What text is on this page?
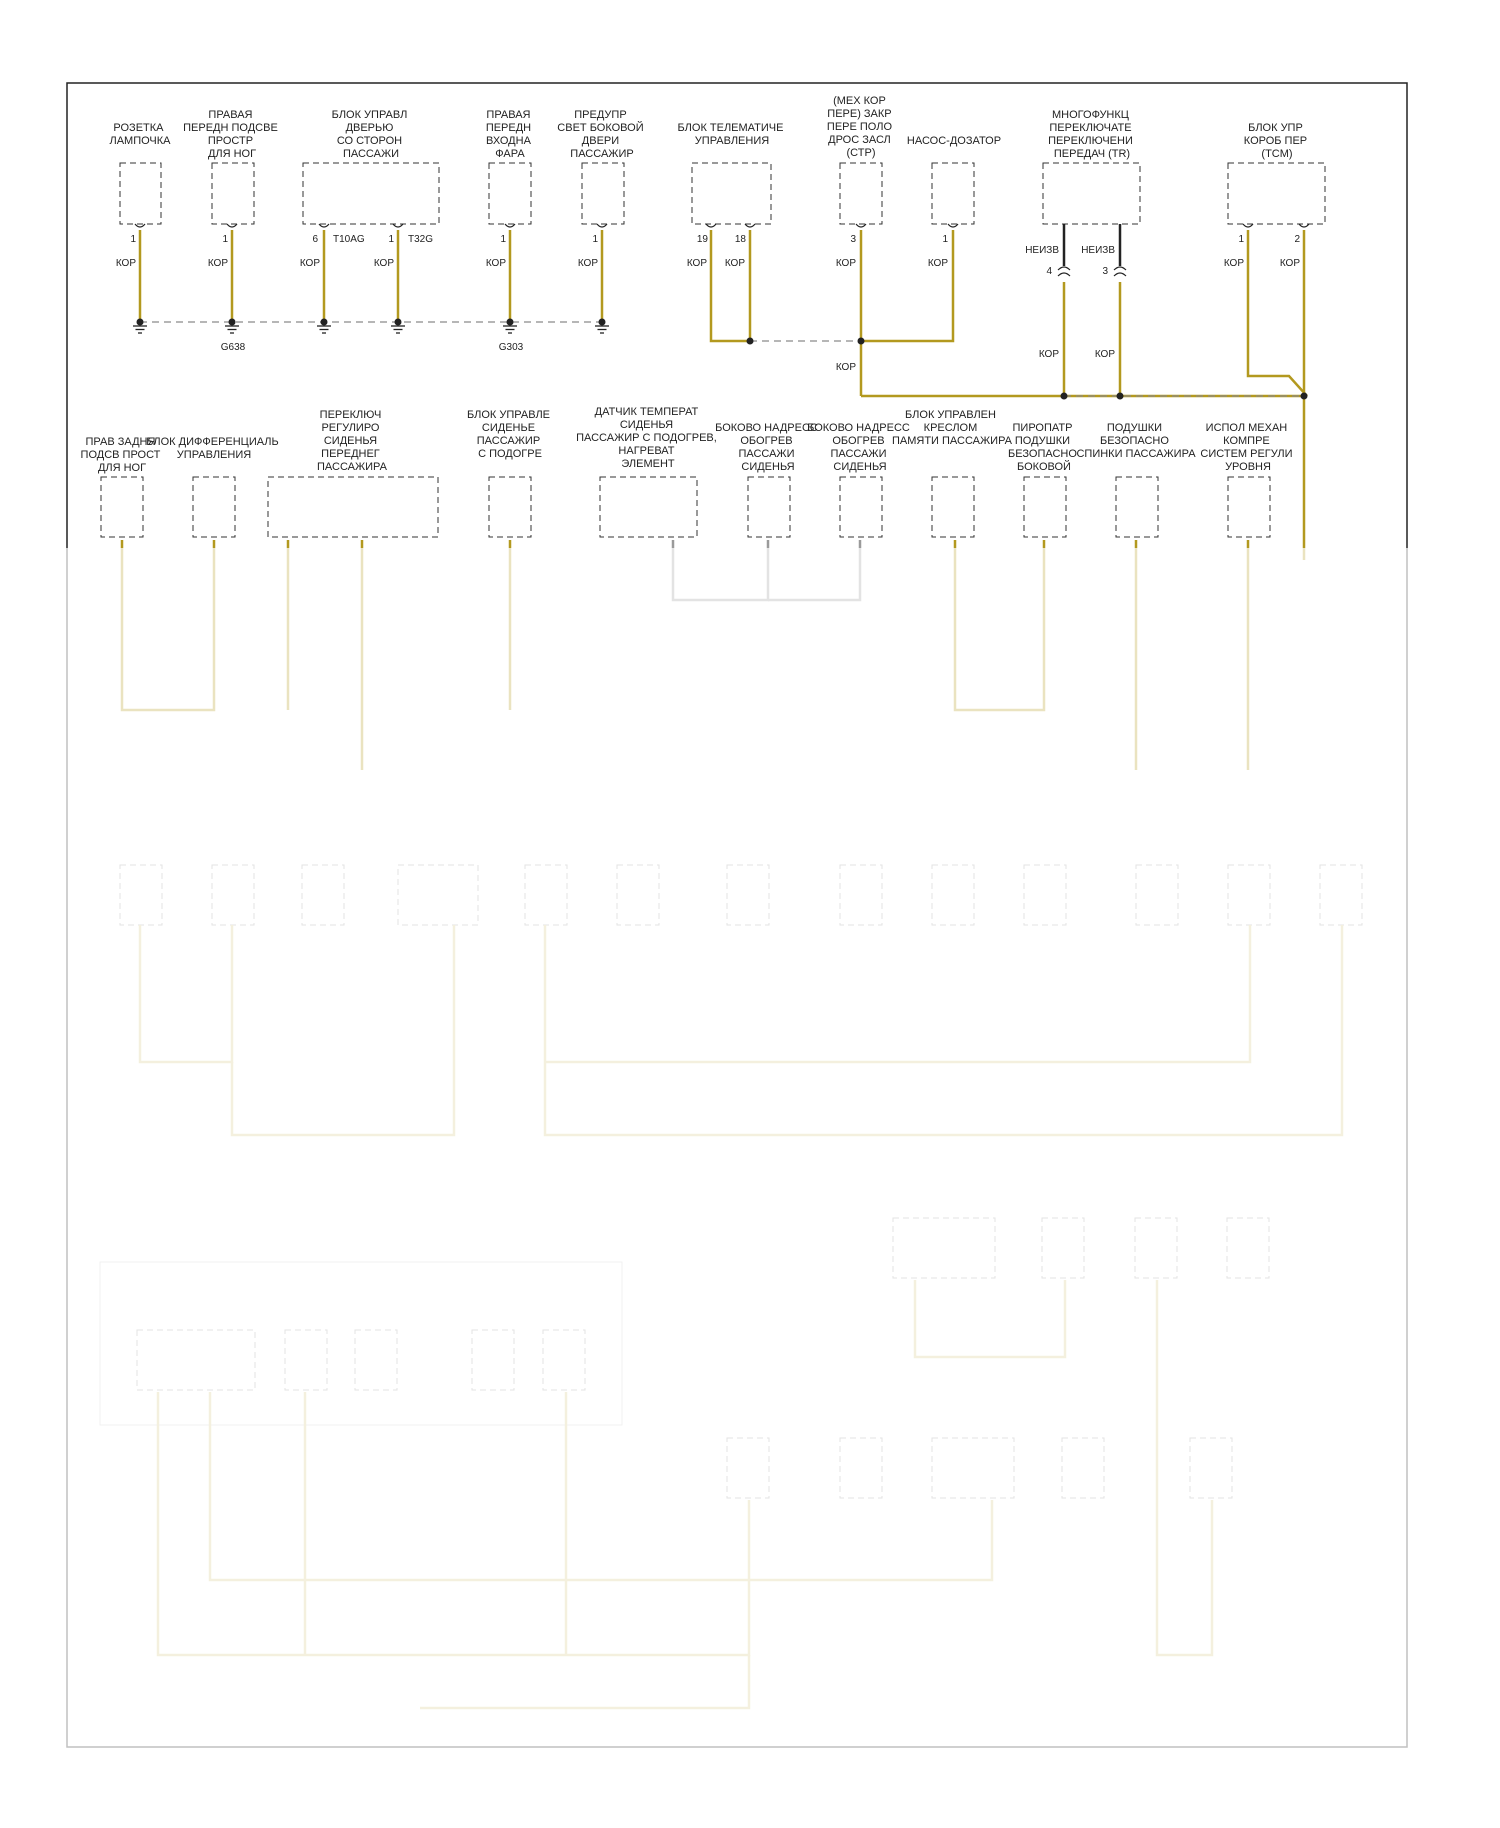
РОЗЕТКА ЛАМПОЧКА
ПРАВАЯ ПЕРЕДН ПОДСВЕ ПРОСТР ДЛЯ НОГ
БЛОК УПРАВЛ ДВЕРЬЮ СО СТОРОН ПАССАЖИ
ПРАВАЯ ПЕРЕДН ВХОДНА ФАРА
ПРЕДУПР СВЕТ БОКОВОЙ ДВЕРИ ПАССАЖИР
БЛОК ТЕЛЕМАТИЧЕ УПРАВЛЕНИЯ
(МЕХ КОР ПЕРЕ) ЗАКР ПЕРЕ ПОЛО ДРОС ЗАСЛ (СТР)
НАСОС-ДОЗАТОР
МНОГОФУНКЦ ПЕРЕКЛЮЧАТЕ ПЕРЕКЛЮЧЕНИ ПЕРЕДАЧ (TR)
БЛОК УПР КОРОБ ПЕР (TCM)
1	1	6	1	1	1	19	18	3	1
4	3
1	2
T10AG	T32G
КОР	КОР	КОР	КОР	КОР	КОР	КОР КОР	КОР	КОР
НЕИЗВ НЕИЗВ
КОР	КОР
КОР
КОР	КОР
G638	G303
ПРАВ ЗАДНЯ ПОДСВ ПРОСТ ДЛЯ НОГ
БЛОК ДИФФЕРЕНЦИАЛЬ УПРАВЛЕНИЯ
ПЕРЕКЛЮЧ РЕГУЛИРО СИДЕНЬЯ ПЕРЕДНЕГ ПАССАЖИРА
БЛОК УПРАВЛЕ СИДЕНЬЕ ПАССАЖИР С ПОДОГРЕ
ДАТЧИК ТЕМПЕРАТ СИДЕНЬЯ ПАССАЖИР С ПОДОГРЕВ, НАГРЕВАТ ЭЛЕМЕНТ
БОКОВО НАДРЕСС ОБОГРЕВ ПАССАЖИ СИДЕНЬЯ
БОКОВО НАДРЕСС ОБОГРЕВ ПАССАЖИ СИДЕНЬЯ
БЛОК УПРАВЛЕН КРЕСЛОМ ПАМЯТИ ПАССАЖИРА
ПИРОПАТР ПОДУШКИ БЕЗОПАСНО БОКОВОЙ
ПОДУШКИ БЕЗОПАСНО СПИНКИ ПАССАЖИРА
ИСПОЛ МЕХАН КОМПРЕ СИСТЕМ РЕГУЛИ УРОВНЯ
